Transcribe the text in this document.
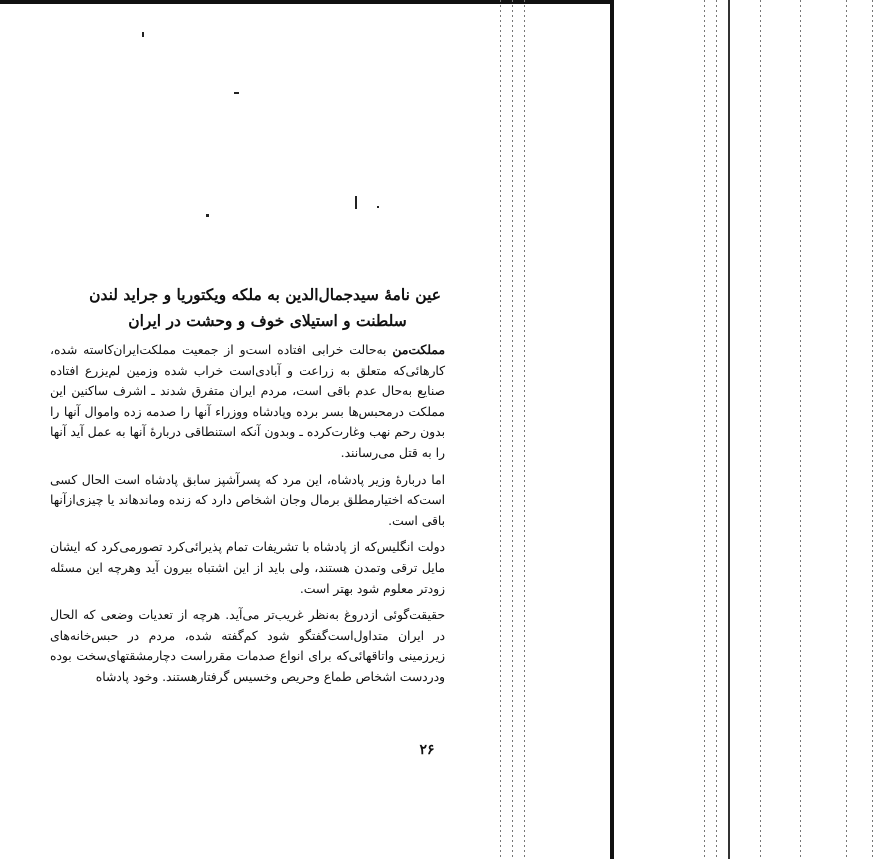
عین نامهٔ سیدجمال‌الدین به ملکه ویکتوریا و جراید لندن
سلطنت و استیلای خوف و وحشت در ایران

مملکت‌من به‌حالت خرابی افتاده است‌و از جمعیت مملکت‌ایران‌کاسته شده، کارهائی‌که متعلق به زراعت و آبادی‌است خراب شده وزمین لم‌یزرع افتاده صنایع به‌حال عدم باقی است، مردم ایران متفرق شدند ـ اشرف ساکنین این مملکت درمحبس‌ها بسر برده وپادشاه ووزراء آنها را صدمه زده واموال آنها را بدون رحم نهب وغارت‌کرده ـ وبدون آنکه استنطاقی دربارهٔ آنها به عمل آید آنها را به قتل می‌رسانند.

اما دربارهٔ وزیر پادشاه، این مرد که پسرآشپز سابق پادشاه است الحال کسی است‌که اختیارمطلق برمال وجان اشخاص دارد که زنده وماندهاند یا چیزی‌ازآنها باقی است.

دولت انگلیس‌که از پادشاه با تشریفات تمام پذیرائی‌کرد تصورمی‌کرد که ایشان مایل ترقی وتمدن هستند، ولی باید از این اشتباه بیرون آید وهرچه این مسئله زودتر معلوم شود بهتر است.

حقیقت‌گوئی ازدروغ به‌نظر غریب‌تر می‌آید. هرچه از تعدیات وضعی که الحال در ایران متداول‌است‌گفتگو شود کم‌گفته شده، مردم در حبس‌خانه‌های زیرزمینی واتاقهائی‌که برای انواع صدمات مقرراست دچارمشقتهای‌سخت بوده ودردست اشخاص طماع وحریص وخسیس گرفتارهستند. وخود پادشاه

۲۶
